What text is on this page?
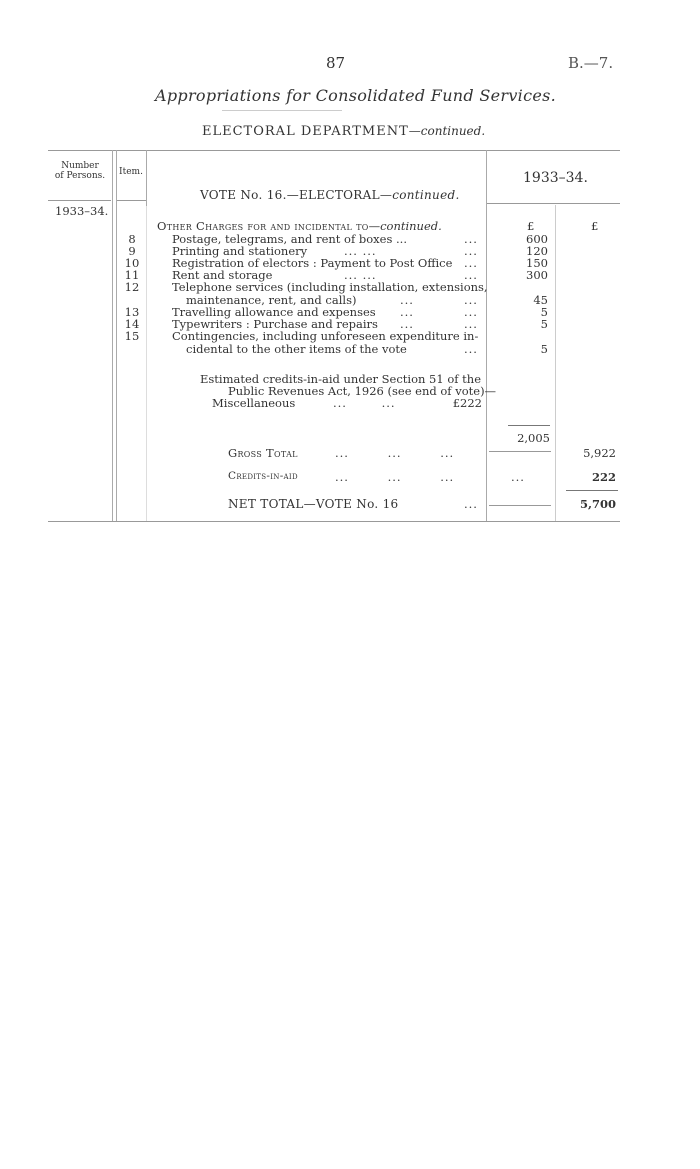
87	B.—7.
Appropriations for Consolidated Fund Services.
ELECTORAL DEPARTMENT—continued.
Number
of Persons.	Item.	1933–34.
VOTE No. 16.—ELECTORAL—continued.
1933–34.
Other Charges for and incidental to—continued.	£	£
8	Postage, telegrams, and rent of boxes ...	...	600
9	Printing and stationery	... ...	...	120
10	Registration of electors : Payment to Post Office ...	150
11	Rent and storage	... ...	...	300
12	Telephone services (including installation, extensions,
maintenance, rent, and calls)	...	...	45
13	Travelling allowance and expenses ...	...	5
14	Typewriters : Purchase and repairs ...	...	5
15	Contingencies, including unforeseen expenditure in-
cidental to the other items of the vote	...	5
Estimated credits-in-aid under Section 51 of the
Public Revenues Act, 1926 (see end of vote)—
Miscellaneous	... ...	£222
2,005
Gross Total	... ... ...	5,922
Credits-in-aid	... ... ...	...	222
NET TOTAL—VOTE No. 16	...	5,700
